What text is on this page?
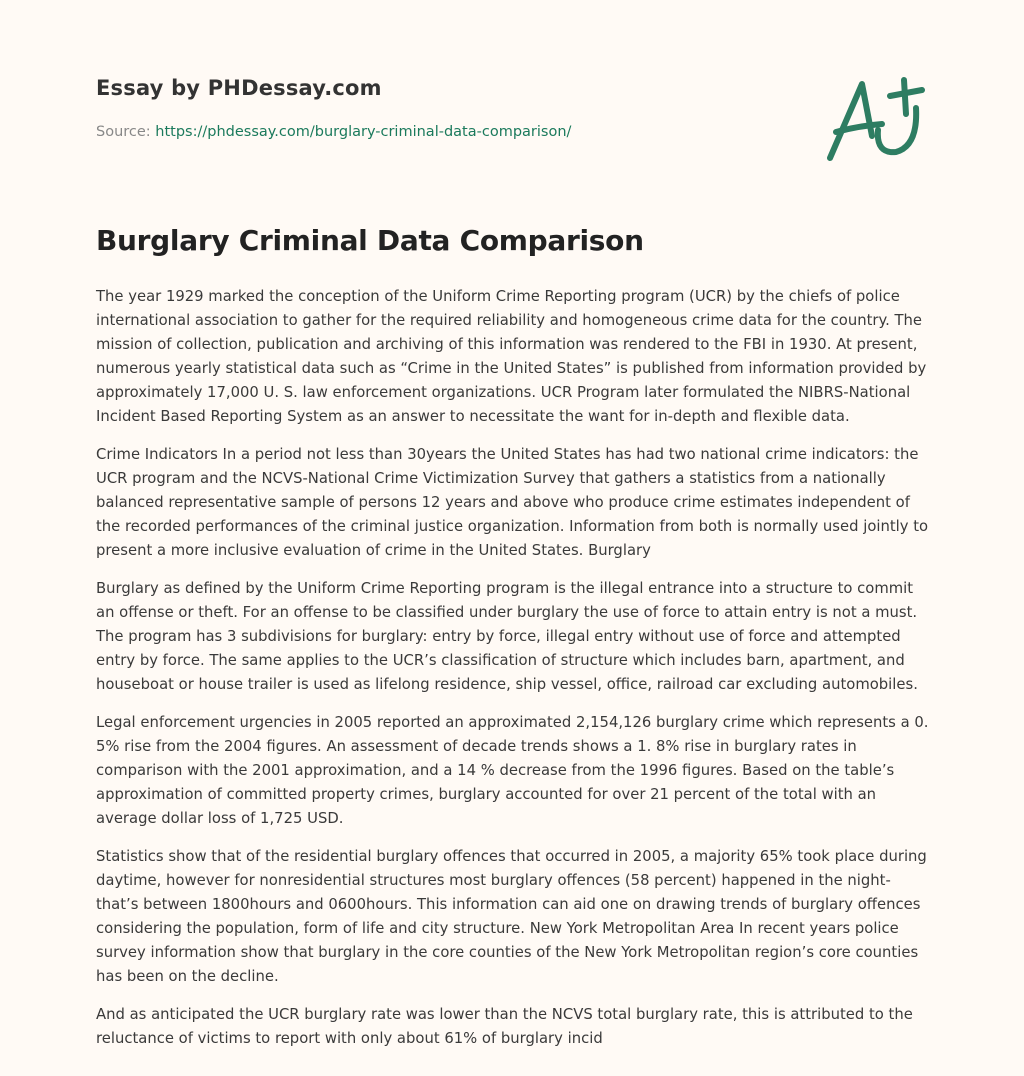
Essay by PHDessay.com

Source: https://phdessay.com/burglary-criminal-data-comparison/
Burglary Criminal Data Comparison

The year 1929 marked the conception of the Uniform Crime Reporting program (UCR) by the chiefs of police international association to gather for the required reliability and homogeneous crime data for the country. The mission of collection, publication and archiving of this information was rendered to the FBI in 1930. At present, numerous yearly statistical data such as “Crime in the United States” is published from information provided by approximately 17,000 U. S. law enforcement organizations. UCR Program later formulated the NIBRS-National Incident Based Reporting System as an answer to necessitate the want for in-depth and flexible data.

Crime Indicators In a period not less than 30years the United States has had two national crime indicators: the UCR program and the NCVS-National Crime Victimization Survey that gathers a statistics from a nationally balanced representative sample of persons 12 years and above who produce crime estimates independent of the recorded performances of the criminal justice organization. Information from both is normally used jointly to present a more inclusive evaluation of crime in the United States. Burglary

Burglary as defined by the Uniform Crime Reporting program is the illegal entrance into a structure to commit an offense or theft. For an offense to be classified under burglary the use of force to attain entry is not a must. The program has 3 subdivisions for burglary: entry by force, illegal entry without use of force and attempted entry by force. The same applies to the UCR’s classification of structure which includes barn, apartment, and houseboat or house trailer is used as lifelong residence, ship vessel, office, railroad car excluding automobiles.

Legal enforcement urgencies in 2005 reported an approximated 2,154,126 burglary crime which represents a 0. 5% rise from the 2004 figures. An assessment of decade trends shows a 1. 8% rise in burglary rates in comparison with the 2001 approximation, and a 14 % decrease from the 1996 figures. Based on the table’s approximation of committed property crimes, burglary accounted for over 21 percent of the total with an average dollar loss of 1,725 USD.

Statistics show that of the residential burglary offences that occurred in 2005, a majority 65% took place during daytime, however for nonresidential structures most burglary offences (58 percent) happened in the night- that’s between 1800hours and 0600hours. This information can aid one on drawing trends of burglary offences considering the population, form of life and city structure. New York Metropolitan Area In recent years police survey information show that burglary in the core counties of the New York Metropolitan region’s core counties has been on the decline.

And as anticipated the UCR burglary rate was lower than the NCVS total burglary rate, this is attributed to the reluctance of victims to report with only about 61% of burglary incid
